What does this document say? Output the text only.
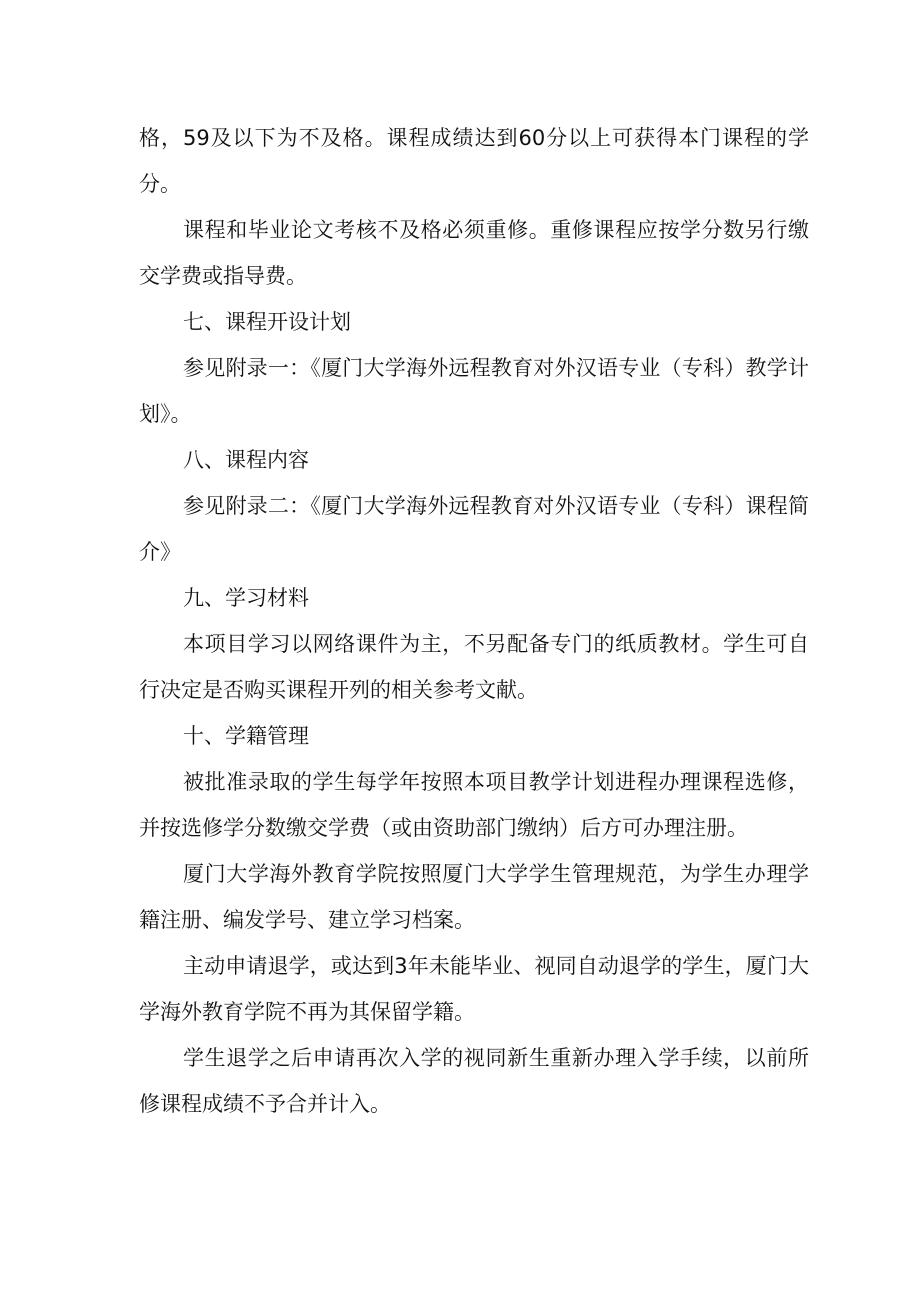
格，59及以下为不及格。课程成绩达到60分以上可获得本门课程的学分。

课程和毕业论文考核不及格必须重修。重修课程应按学分数另行缴交学费或指导费。

七、课程开设计划

参见附录一：《厦门大学海外远程教育对外汉语专业（专科）教学计划》。

八、课程内容

参见附录二：《厦门大学海外远程教育对外汉语专业（专科）课程简介》

九、学习材料

本项目学习以网络课件为主，不另配备专门的纸质教材。学生可自行决定是否购买课程开列的相关参考文献。

十、学籍管理

被批准录取的学生每学年按照本项目教学计划进程办理课程选修，并按选修学分数缴交学费（或由资助部门缴纳）后方可办理注册。

厦门大学海外教育学院按照厦门大学学生管理规范，为学生办理学籍注册、编发学号、建立学习档案。

主动申请退学，或达到3年未能毕业、视同自动退学的学生，厦门大学海外教育学院不再为其保留学籍。

学生退学之后申请再次入学的视同新生重新办理入学手续，以前所修课程成绩不予合并计入。
